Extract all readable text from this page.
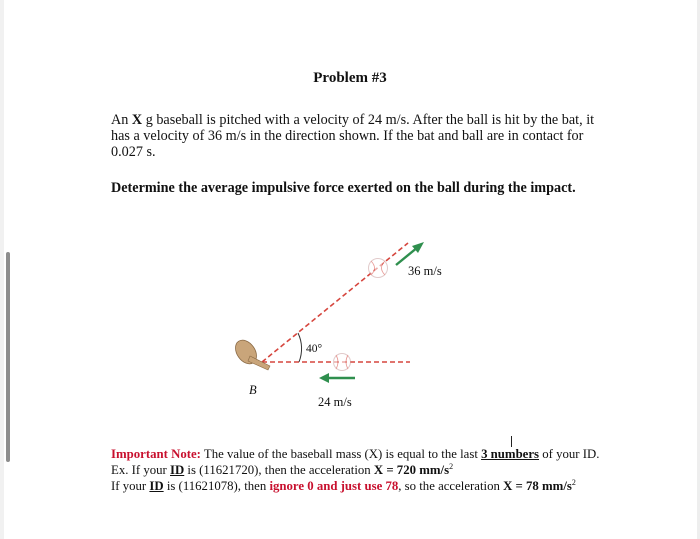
Problem #3
An X g baseball is pitched with a velocity of 24 m/s. After the ball is hit by the bat, it has a velocity of 36 m/s in the direction shown. If the bat and ball are in contact for 0.027 s.
Determine the average impulsive force exerted on the ball during the impact.
36 m/s
40°
B
24 m/s
Important Note: The value of the baseball mass (X) is equal to the last 3 numbers of your ID.
Ex. If your ID is (11621720), then the acceleration X = 720 $mm/s^2$
If your ID is (11621078), then ignore 0 and just use 78, so the acceleration X = 78 $mm/s^2$
